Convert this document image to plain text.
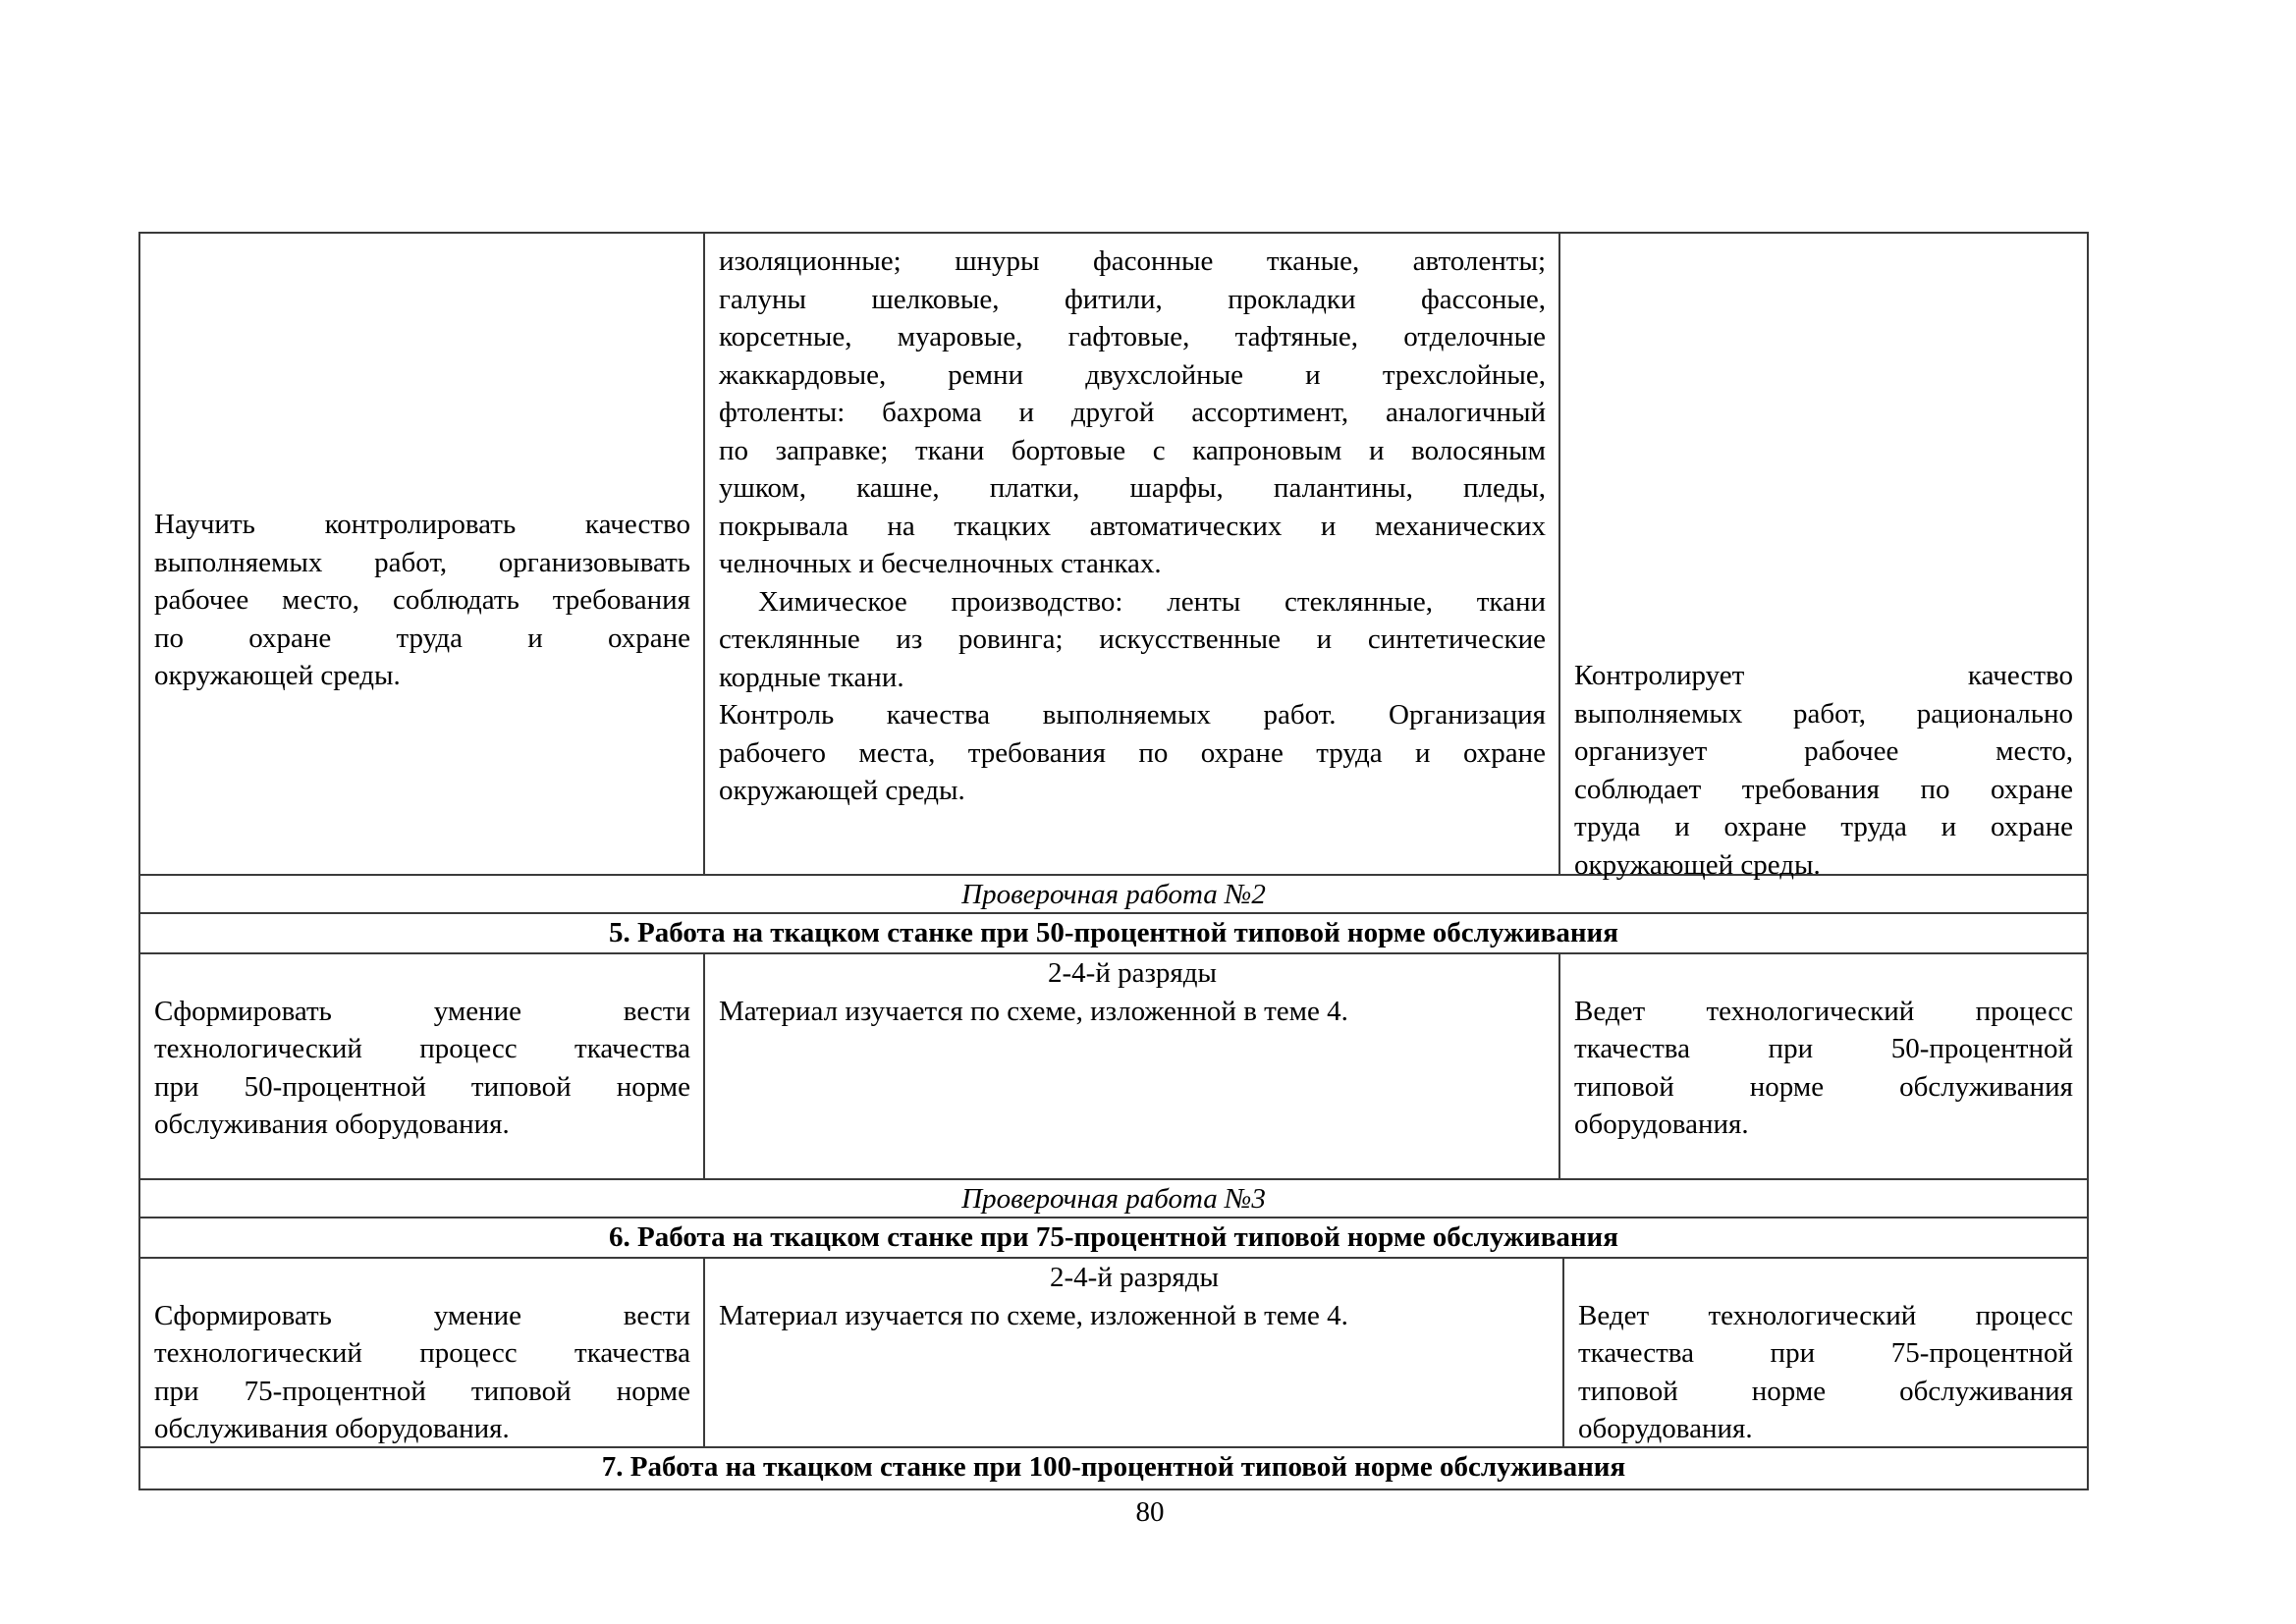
Научить контролировать качество
выполняемых работ, организовывать
рабочее место, соблюдать требования
по охране труда и охране
окружающей среды.
изоляционные; шнуры фасонные тканые, автоленты;
галуны шелковые, фитили, прокладки фассоные,
корсетные, муаровые, гафтовые, тафтяные, отделочные
жаккардовые, ремни двухслойные и трехслойные,
фтоленты: бахрома и другой ассортимент, аналогичный
по заправке; ткани бортовые с капроновым и волосяным
ушком, кашне, платки, шарфы, палантины, пледы,
покрывала на ткацких автоматических и механических
челночных и бесчелночных станках.
Химическое производство: ленты стеклянные, ткани
стеклянные из ровинга; искусственные и синтетические
кордные ткани.
Контроль качества выполняемых работ. Организация
рабочего места, требования по охране труда и охране
окружающей среды.
Контролирует качество
выполняемых работ, рационально
организует рабочее место,
соблюдает требования по охране
труда и охране труда и охране
окружающей среды.
Проверочная работа №2
5. Работа на ткацком станке при 50-процентной типовой норме обслуживания
Сформировать умение вести
технологический процесс ткачества
при 50-процентной типовой норме
обслуживания оборудования.
2-4-й разряды
Материал изучается по схеме, изложенной в теме 4.	Ведет технологический процесс
ткачества при 50-процентной
типовой норме обслуживания
оборудования.
Проверочная работа №3
6. Работа на ткацком станке при 75-процентной типовой норме обслуживания
Сформировать умение вести
технологический процесс ткачества
при 75-процентной типовой норме
обслуживания оборудования.
2-4-й разряды
Материал изучается по схеме, изложенной в теме 4.	Ведет технологический процесс
ткачества при 75-процентной
типовой норме обслуживания
оборудования.
7. Работа на ткацком станке при 100-процентной типовой норме обслуживания
80
